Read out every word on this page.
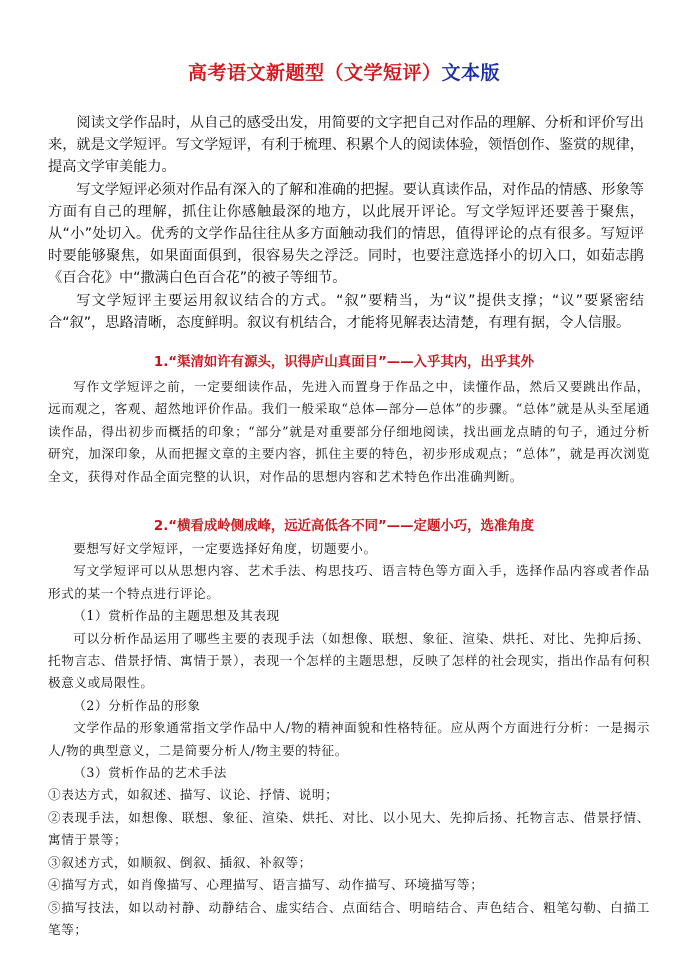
高考语文新题型（文学短评）文本版

阅读文学作品时，从自己的感受出发，用简要的文字把自己对作品的理解、分析和评价写出来，就是文学短评。写文学短评，有利于梳理、积累个人的阅读体验，领悟创作、鉴赏的规律，提高文学审美能力。

写文学短评必须对作品有深入的了解和准确的把握。要认真读作品，对作品的情感、形象等方面有自己的理解，抓住让你感触最深的地方，以此展开评论。写文学短评还要善于聚焦，从“小”处切入。优秀的文学作品往往从多方面触动我们的情思，值得评论的点有很多。写短评时要能够聚焦，如果面面俱到，很容易失之浮泛。同时，也要注意选择小的切入口，如茹志鹃《百合花》中“撒满白色百合花”的被子等细节。

写文学短评主要运用叙议结合的方式。“叙”要精当，为“议”提供支撑；“议”要紧密结合“叙”，思路清晰，态度鲜明。叙议有机结合，才能将见解表达清楚，有理有据，令人信服。

1.“渠清如许有源头，识得庐山真面目”——入乎其内，出乎其外

写作文学短评之前，一定要细读作品，先进入而置身于作品之中，读懂作品，然后又要跳出作品，远而观之，客观、超然地评价作品。我们一般采取“总体—部分—总体”的步骤。“总体”就是从头至尾通读作品，得出初步而概括的印象；“部分”就是对重要部分仔细地阅读，找出画龙点睛的句子，通过分析研究，加深印象，从而把握文章的主要内容，抓住主要的特色，初步形成观点；“总体”，就是再次浏览全文，获得对作品全面完整的认识，对作品的思想内容和艺术特色作出准确判断。

2.“横看成岭侧成峰，远近高低各不同”——定题小巧，选准角度

要想写好文学短评，一定要选择好角度，切题要小。

写文学短评可以从思想内容、艺术手法、构思技巧、语言特色等方面入手，选择作品内容或者作品形式的某一个特点进行评论。

（1）赏析作品的主题思想及其表现

可以分析作品运用了哪些主要的表现手法（如想像、联想、象征、渲染、烘托、对比、先抑后扬、托物言志、借景抒情、寓情于景），表现一个怎样的主题思想，反映了怎样的社会现实，指出作品有何积极意义或局限性。

（2）分析作品的形象

文学作品的形象通常指文学作品中人/物的精神面貌和性格特征。应从两个方面进行分析：一是揭示人/物的典型意义，二是简要分析人/物主要的特征。

（3）赏析作品的艺术手法

①表达方式，如叙述、描写、议论、抒情、说明；

②表现手法，如想像、联想、象征、渲染、烘托、对比、以小见大、先抑后扬、托物言志、借景抒情、寓情于景等；

③叙述方式，如顺叙、倒叙、插叙、补叙等；

④描写方式，如肖像描写、心理描写、语言描写、动作描写、环境描写等；

⑤描写技法，如以动衬静、动静结合、虚实结合、点面结合、明暗结合、声色结合、粗笔勾勒、白描工笔等；
